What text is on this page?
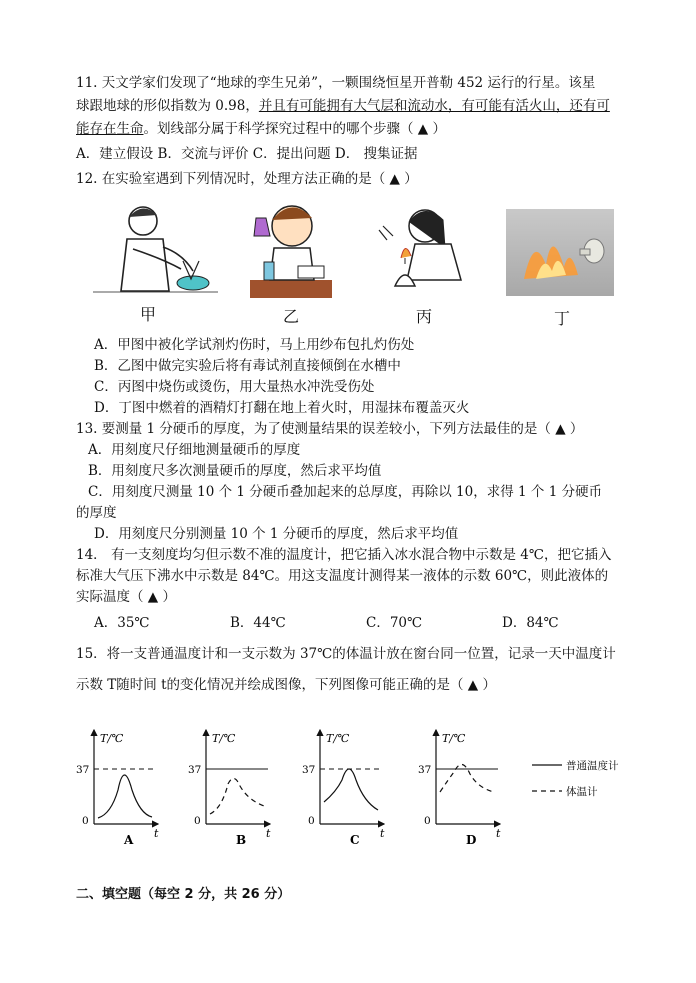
11. 天文学家们发现了“地球的孪生兄弟”，一颗围绕恒星开普勒 452 运行的行星。该星
球跟地球的形似指数为 0.98，并且有可能拥有大气层和流动水，有可能有活火山，还有可
能存在生命。划线部分属于科学探究过程中的哪个步骤（ ▲ ）
A．建立假设 B．交流与评价 C．提出问题 D． 搜集证据
12. 在实验室遇到下列情况时，处理方法正确的是（ ▲ ）
甲	乙	丙	丁
A．甲图中被化学试剂灼伤时，马上用纱布包扎灼伤处
B．乙图中做完实验后将有毒试剂直接倾倒在水槽中
C．丙图中烧伤或烫伤，用大量热水冲洗受伤处
D．丁图中燃着的酒精灯打翻在地上着火时，用湿抹布覆盖灭火
13. 要测量 1 分硬币的厚度，为了使测量结果的误差较小，下列方法最佳的是（ ▲ ）
A．用刻度尺仔细地测量硬币的厚度
B．用刻度尺多次测量硬币的厚度，然后求平均值
C．用刻度尺测量 10 个 1 分硬币叠加起来的总厚度，再除以 10，求得 1 个 1 分硬币
的厚度
D．用刻度尺分别测量 10 个 1 分硬币的厚度，然后求平均值
14． 有一支刻度均匀但示数不准的温度计，把它插入冰水混合物中示数是 4℃，把它插入
标准大气压下沸水中示数是 84℃。用这支温度计测得某一液体的示数 60℃，则此液体的
实际温度（ ▲ ）
A．35℃	B．44℃	C．70℃	D．84℃
15．将一支普通温度计和一支示数为 37℃的体温计放在窗台同一位置，记录一天中温度计
示数 T随时间 t的变化情况并绘成图像，下列图像可能正确的是（ ▲ ）
T/℃
37
0
t
A
T/℃
37
0
t
B
T/℃
37
0
t
C
T/℃
37
0
t
D
普通温度计
体温计
二、填空题（每空 2 分，共 26 分）
